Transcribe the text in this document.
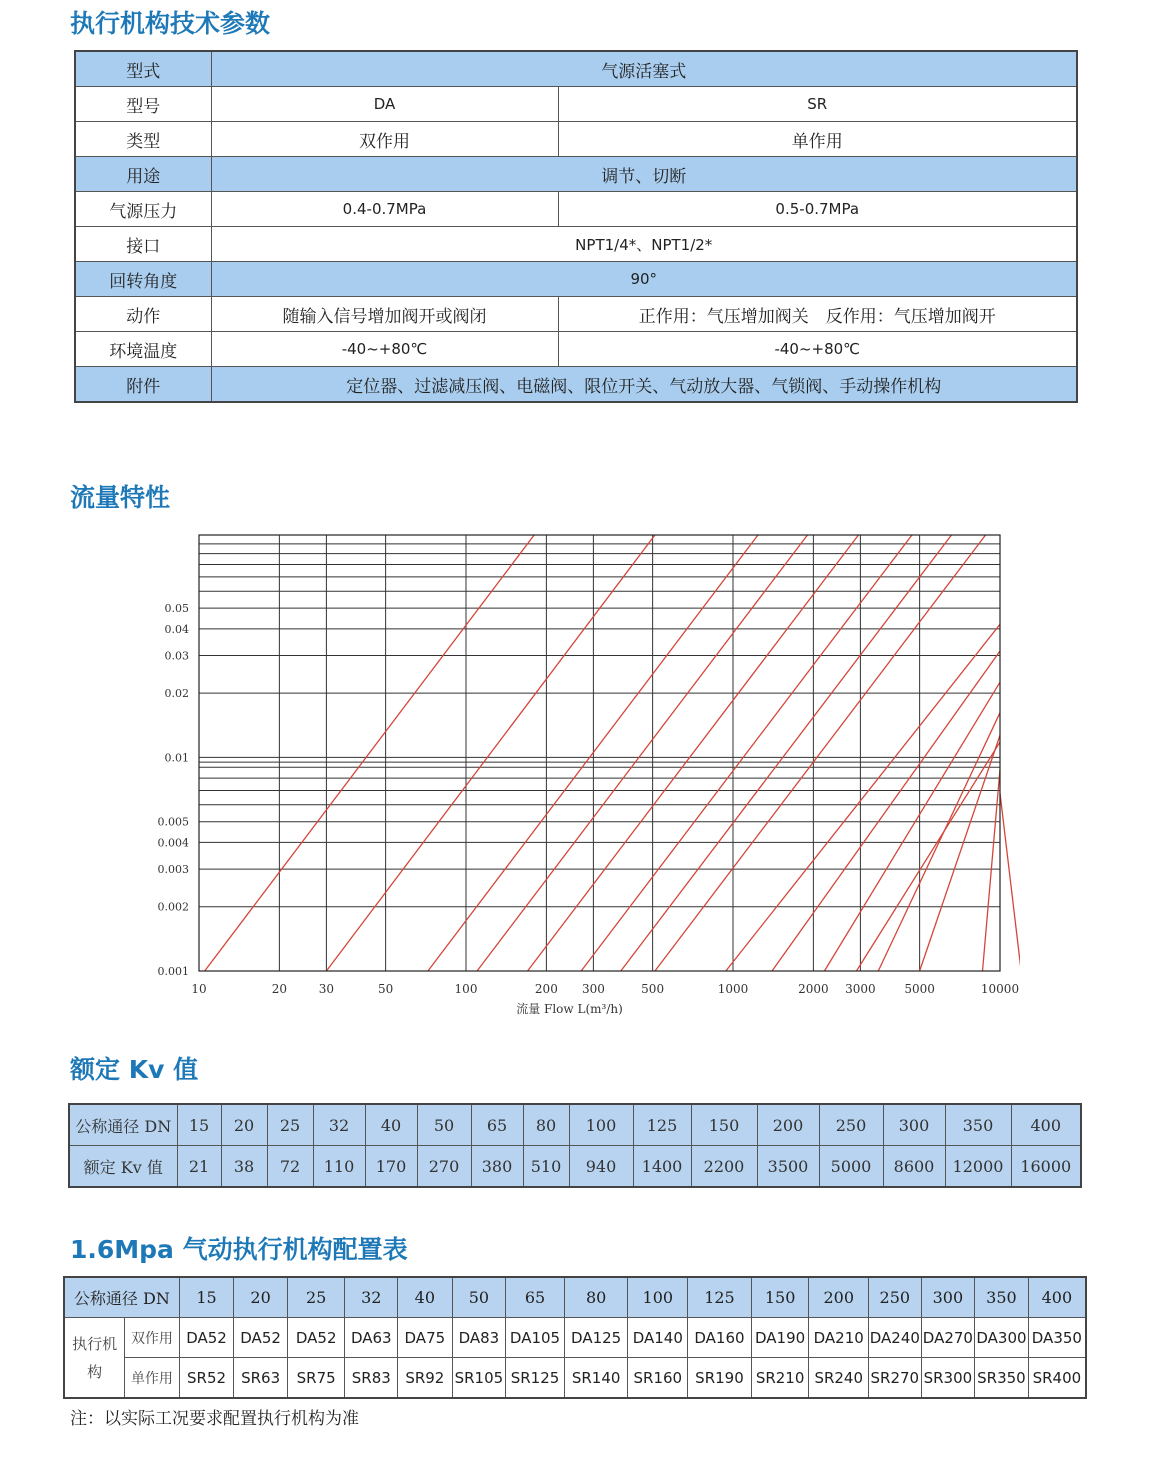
执行机构技术参数
型式	气源活塞式	
型号	DA	SR
类型	双作用	单作用
用途	调节、切断	
气源压力	0.4-0.7MPa	0.5-0.7MPa
接口	NPT1/4*、NPT1/2*	
回转角度	90°	
动作	随输入信号增加阀开或阀闭	正作用：气压增加阀关　反作用：气压增加阀开
环境温度	-40~+80℃	-40~+80℃
附件	定位器、过滤减压阀、电磁阀、限位开关、气动放大器、气锁阀、手动操作机构	
流量特性
0.001
0.002
0.003
0.004
0.005
0.01
0.02
0.03
0.04
0.05
10	20	30	50	100	200 300	500	1000	2000 3000 5000	10000
流量 Flow L(m³/h)
额定 Kv 值
公称通径 DN	15	20	25	32	40	50	65	80	100	125	150	200	250	300	350	400
额定 Kv 值	21	38	72	110	170	270	380	510	940	1400	2200	3500	5000	8600	12000	16000
1.6Mpa 气动执行机构配置表
公称通径 DN		15	20	25	32	40	50	65	80	100	125	150	200	250	300	350	400
执行机构	双作用	DA52	DA52	DA52	DA63	DA75	DA83	DA105	DA125	DA140	DA160	DA190	DA210	DA240	DA270	DA300	DA350
	单作用	SR52	SR63	SR75	SR83	SR92	SR105	SR125	SR140	SR160	SR190	SR210	SR240	SR270	SR300	SR350	SR400
注：以实际工况要求配置执行机构为准
